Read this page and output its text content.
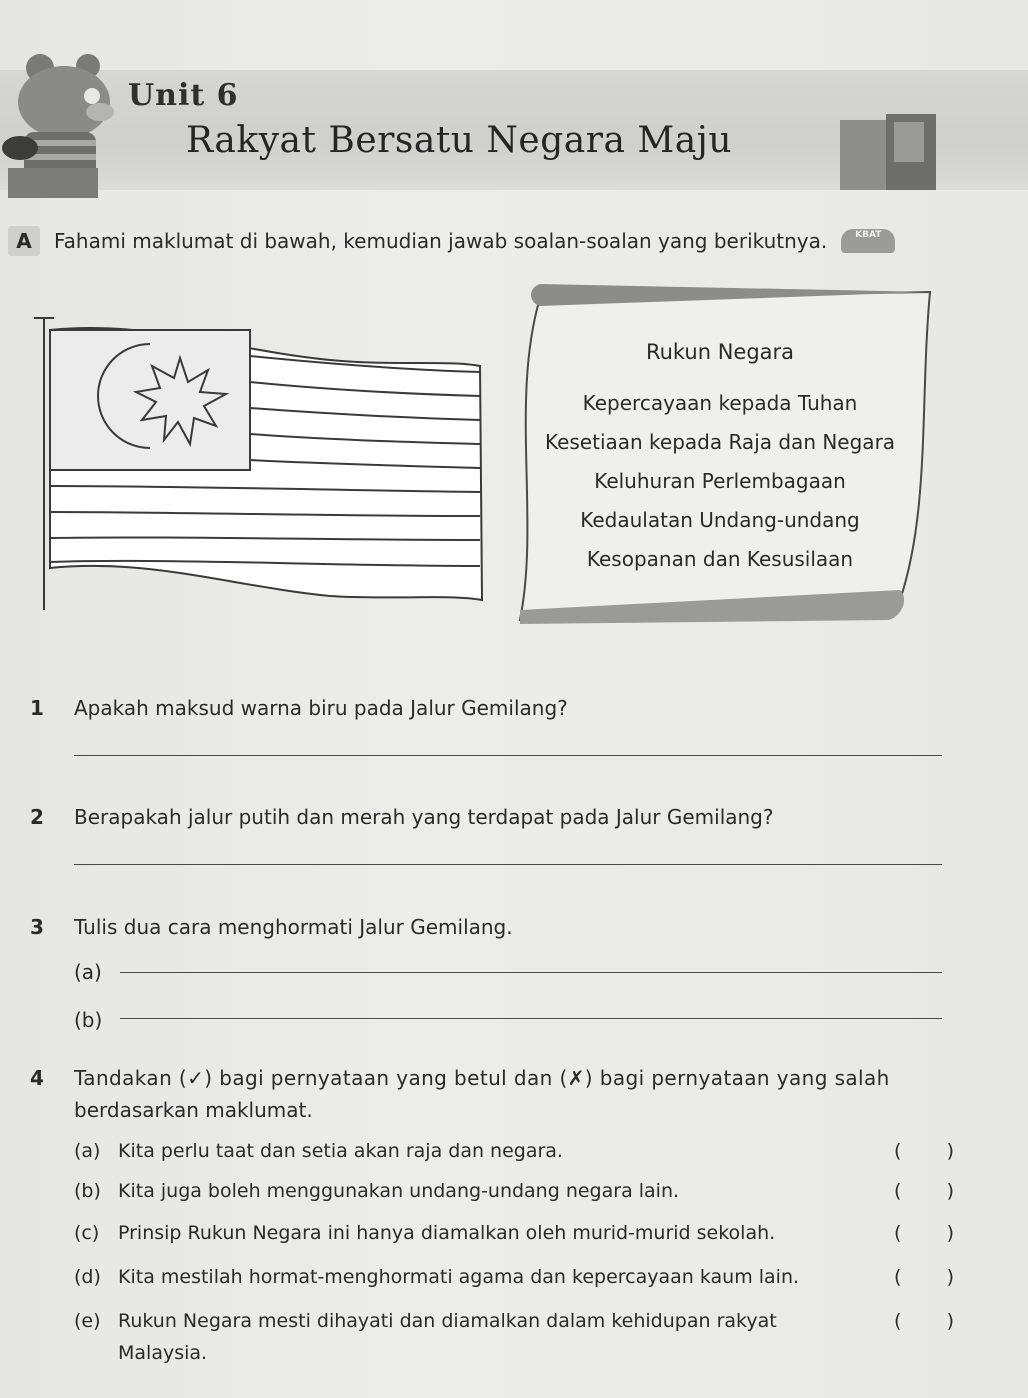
Unit 6
Rakyat Bersatu Negara Maju
A	Fahami maklumat di bawah, kemudian jawab soalan-soalan yang berikutnya.	KBAT
Rukun Negara
Kepercayaan kepada Tuhan
Kesetiaan kepada Raja dan Negara
Keluhuran Perlembagaan
Kedaulatan Undang-undang
Kesopanan dan Kesusilaan
1 Apakah maksud warna biru pada Jalur Gemilang?
2 Berapakah jalur putih dan merah yang terdapat pada Jalur Gemilang?
3 Tulis dua cara menghormati Jalur Gemilang.
(a)
(b)
4 Tandakan (✓) bagi pernyataan yang betul dan (✗) bagi pernyataan yang salah
berdasarkan maklumat.
(a) Kita perlu taat dan setia akan raja dan negara.	( )
(b) Kita juga boleh menggunakan undang-undang negara lain.	( )
(c) Prinsip Rukun Negara ini hanya diamalkan oleh murid-murid sekolah.	( )
(d) Kita mestilah hormat-menghormati agama dan kepercayaan kaum lain.	( )
(e) Rukun Negara mesti dihayati dan diamalkan dalam kehidupan rakyat	( )
Malaysia.
